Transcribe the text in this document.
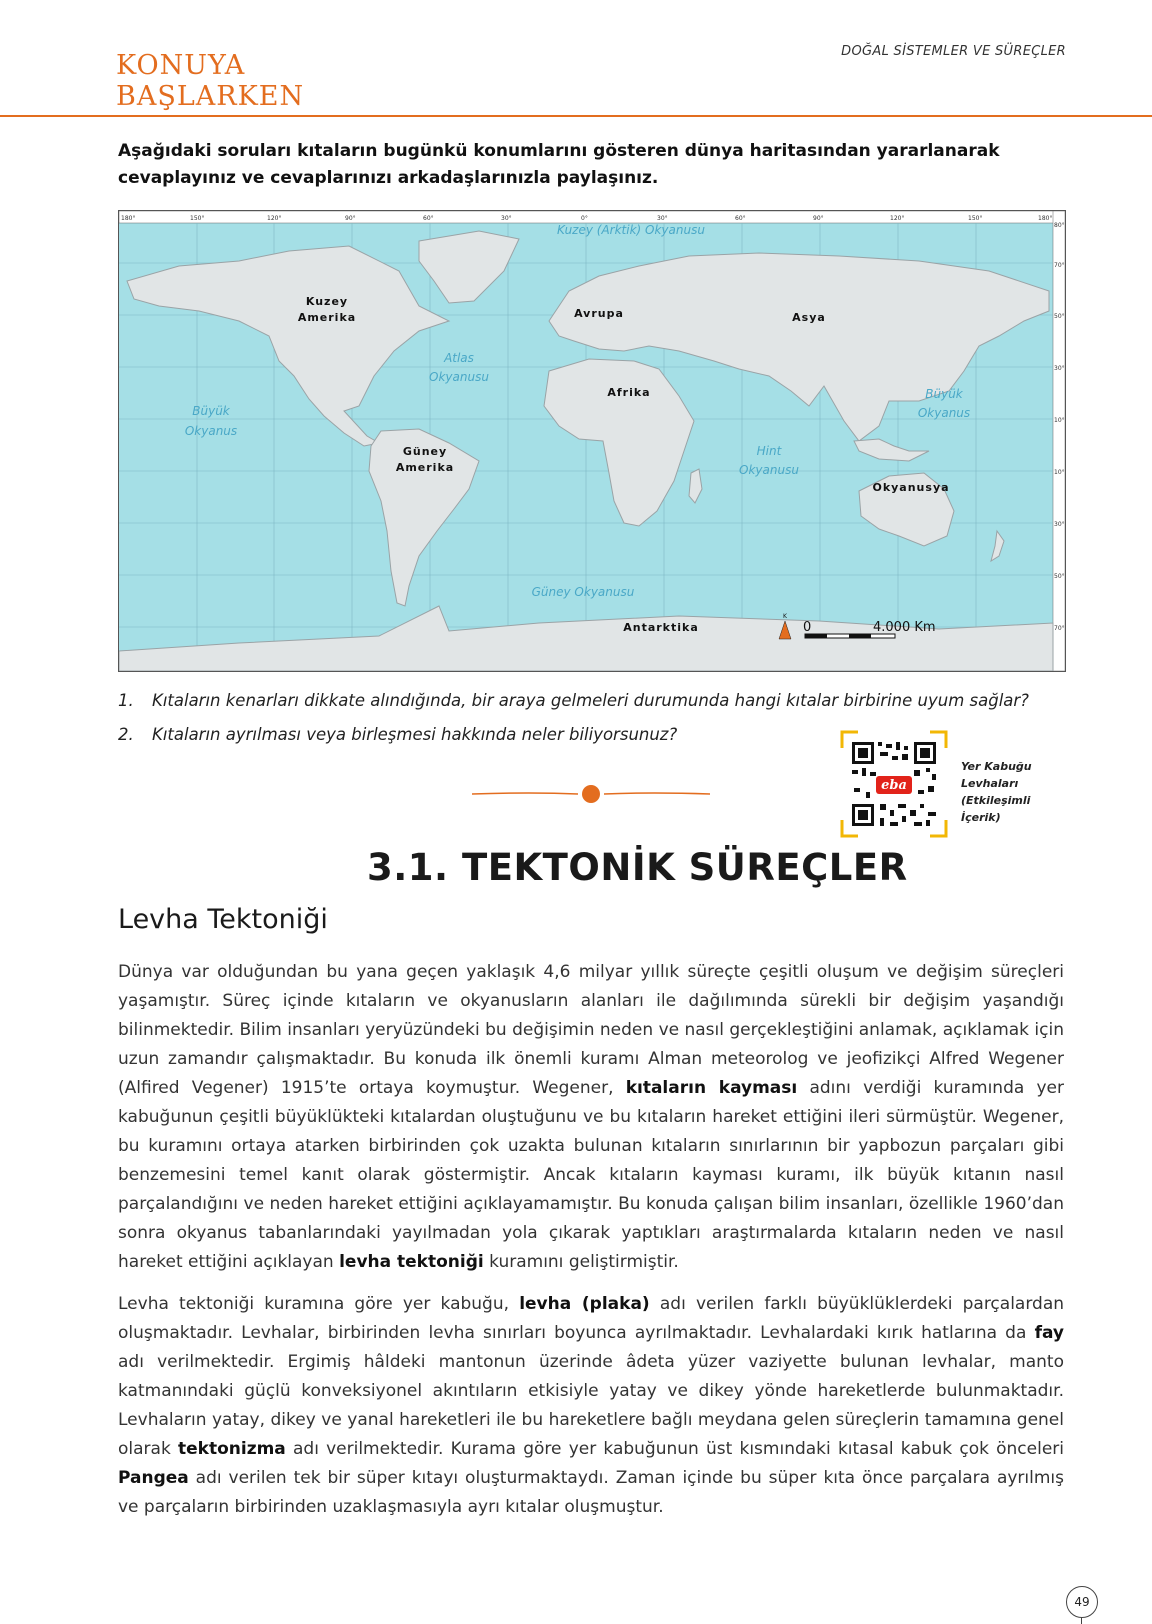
KONUYA
BAŞLARKEN
DOĞAL SİSTEMLER VE SÜREÇLER
Aşağıdaki soruları kıtaların bugünkü konumlarını gösteren dünya haritasından yararlanarak cevaplayınız ve cevaplarınızı arkadaşlarınızla paylaşınız.
180°	150°	120°	90°	60°	30°	0°	30°	60°	90°	120°	150°	180°
80°
70°
50°
30°
10°
10°
30°
50°
70°
Kuzey
Amerika	Avrupa	Asya
Afrika
Güney
Amerika
Okyanusya
Antarktika
Kuzey (Arktik) Okyanusu
Atlas
Okyanusu
Büyük
Okyanus
Büyük
Okyanus
Hint
Okyanusu
Güney Okyanusu
K
0	4.000 Km
1. Kıtaların kenarları dikkate alındığında, bir araya gelmeleri durumunda hangi kıtalar birbirine uyum sağlar?
2. Kıtaların ayrılması veya birleşmesi hakkında neler biliyorsunuz?
eba
Yer Kabuğu
Levhaları
(Etkileşimli
İçerik)
3.1. TEKTONİK SÜREÇLER
Levha Tektoniği
Dünya var olduğundan bu yana geçen yaklaşık 4,6 milyar yıllık süreçte çeşitli oluşum ve değişim süreçleri yaşamıştır. Süreç içinde kıtaların ve okyanusların alanları ile dağılımında sürekli bir değişim yaşandığı bilinmektedir. Bilim insanları yeryüzündeki bu değişimin neden ve nasıl gerçekleştiğini anlamak, açıklamak için uzun zamandır çalışmaktadır. Bu konuda ilk önemli kuramı Alman meteorolog ve jeofizikçi Alfred Wegener (Alfired Vegener) 1915’te ortaya koymuştur. Wegener, kıtaların kayması adını verdiği kuramında yer kabuğunun çeşitli büyüklükteki kıtalardan oluştuğunu ve bu kıtaların hareket ettiğini ileri sürmüştür. Wegener, bu kuramını ortaya atarken birbirinden çok uzakta bulunan kıtaların sınırlarının bir yapbozun parçaları gibi benzemesini temel kanıt olarak göstermiştir. Ancak kıtaların kayması kuramı, ilk büyük kıtanın nasıl parçalandığını ve neden hareket ettiğini açıklayamamıştır. Bu konuda çalışan bilim insanları, özellikle 1960’dan sonra okyanus tabanlarındaki yayılmadan yola çıkarak yaptıkları araştırmalarda kıtaların neden ve nasıl hareket ettiğini açıklayan levha tektoniği kuramını geliştirmiştir.
Levha tektoniği kuramına göre yer kabuğu, levha (plaka) adı verilen farklı büyüklüklerdeki parçalardan oluşmaktadır. Levhalar, birbirinden levha sınırları boyunca ayrılmaktadır. Levhalardaki kırık hatlarına da fay adı verilmektedir. Ergimiş hâldeki mantonun üzerinde âdeta yüzer vaziyette bulunan levhalar, manto katmanındaki güçlü konveksiyonel akıntıların etkisiyle yatay ve dikey yönde hareketlerde bulunmaktadır. Levhaların yatay, dikey ve yanal hareketleri ile bu hareketlere bağlı meydana gelen süreçlerin tamamına genel olarak tektonizma adı verilmektedir. Kurama göre yer kabuğunun üst kısmındaki kıtasal kabuk çok önceleri Pangea adı verilen tek bir süper kıtayı oluşturmaktaydı. Zaman içinde bu süper kıta önce parçalara ayrılmış ve parçaların birbirinden uzaklaşmasıyla ayrı kıtalar oluşmuştur.
49
